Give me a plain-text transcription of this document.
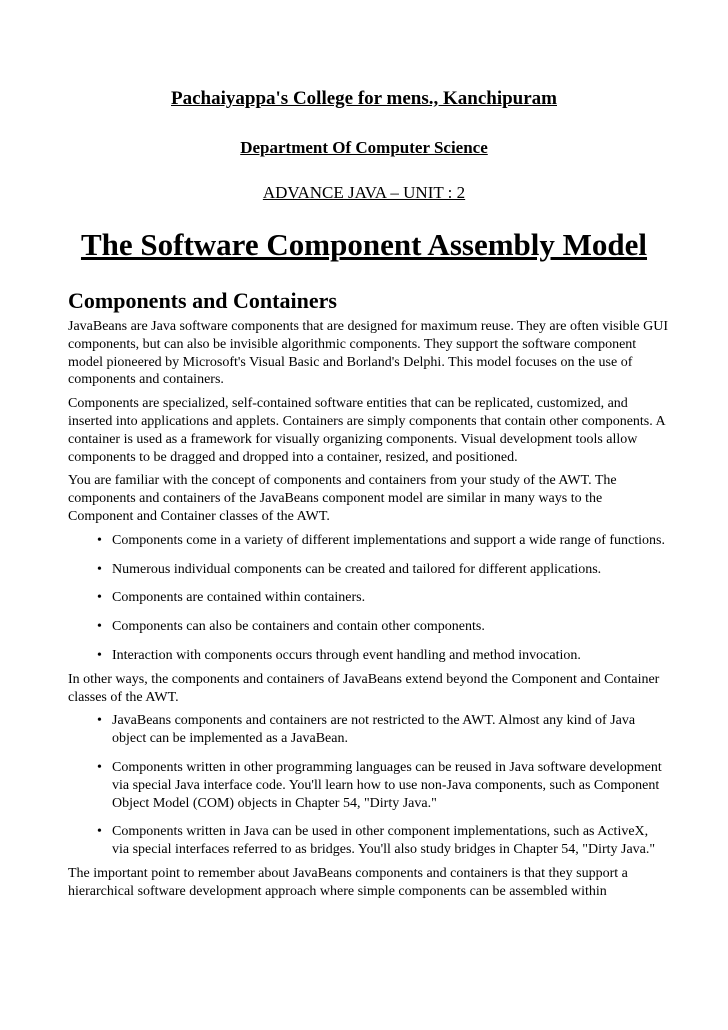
Pachaiyappa's College for mens., Kanchipuram
Department Of Computer Science
ADVANCE JAVA – UNIT : 2
The Software Component Assembly Model
Components and Containers

JavaBeans are Java software components that are designed for maximum reuse. They are often visible GUI components, but can also be invisible algorithmic components. They support the software component model pioneered by Microsoft's Visual Basic and Borland's Delphi. This model focuses on the use of components and containers.

Components are specialized, self-contained software entities that can be replicated, customized, and inserted into applications and applets. Containers are simply components that contain other components. A container is used as a framework for visually organizing components. Visual development tools allow components to be dragged and dropped into a container, resized, and positioned.

You are familiar with the concept of components and containers from your study of the AWT. The components and containers of the JavaBeans component model are similar in many ways to the Component and Container classes of the AWT.

• Components come in a variety of different implementations and support a wide range of functions.
• Numerous individual components can be created and tailored for different applications.
• Components are contained within containers.
• Components can also be containers and contain other components.
• Interaction with components occurs through event handling and method invocation.

In other ways, the components and containers of JavaBeans extend beyond the Component and Container classes of the AWT.

• JavaBeans components and containers are not restricted to the AWT. Almost any kind of Java object can be implemented as a JavaBean.
• Components written in other programming languages can be reused in Java software development via special Java interface code. You'll learn how to use non-Java components, such as Component Object Model (COM) objects in Chapter 54, "Dirty Java."
• Components written in Java can be used in other component implementations, such as ActiveX, via special interfaces referred to as bridges. You'll also study bridges in Chapter 54, "Dirty Java."

The important point to remember about JavaBeans components and containers is that they support a hierarchical software development approach where simple components can be assembled within
